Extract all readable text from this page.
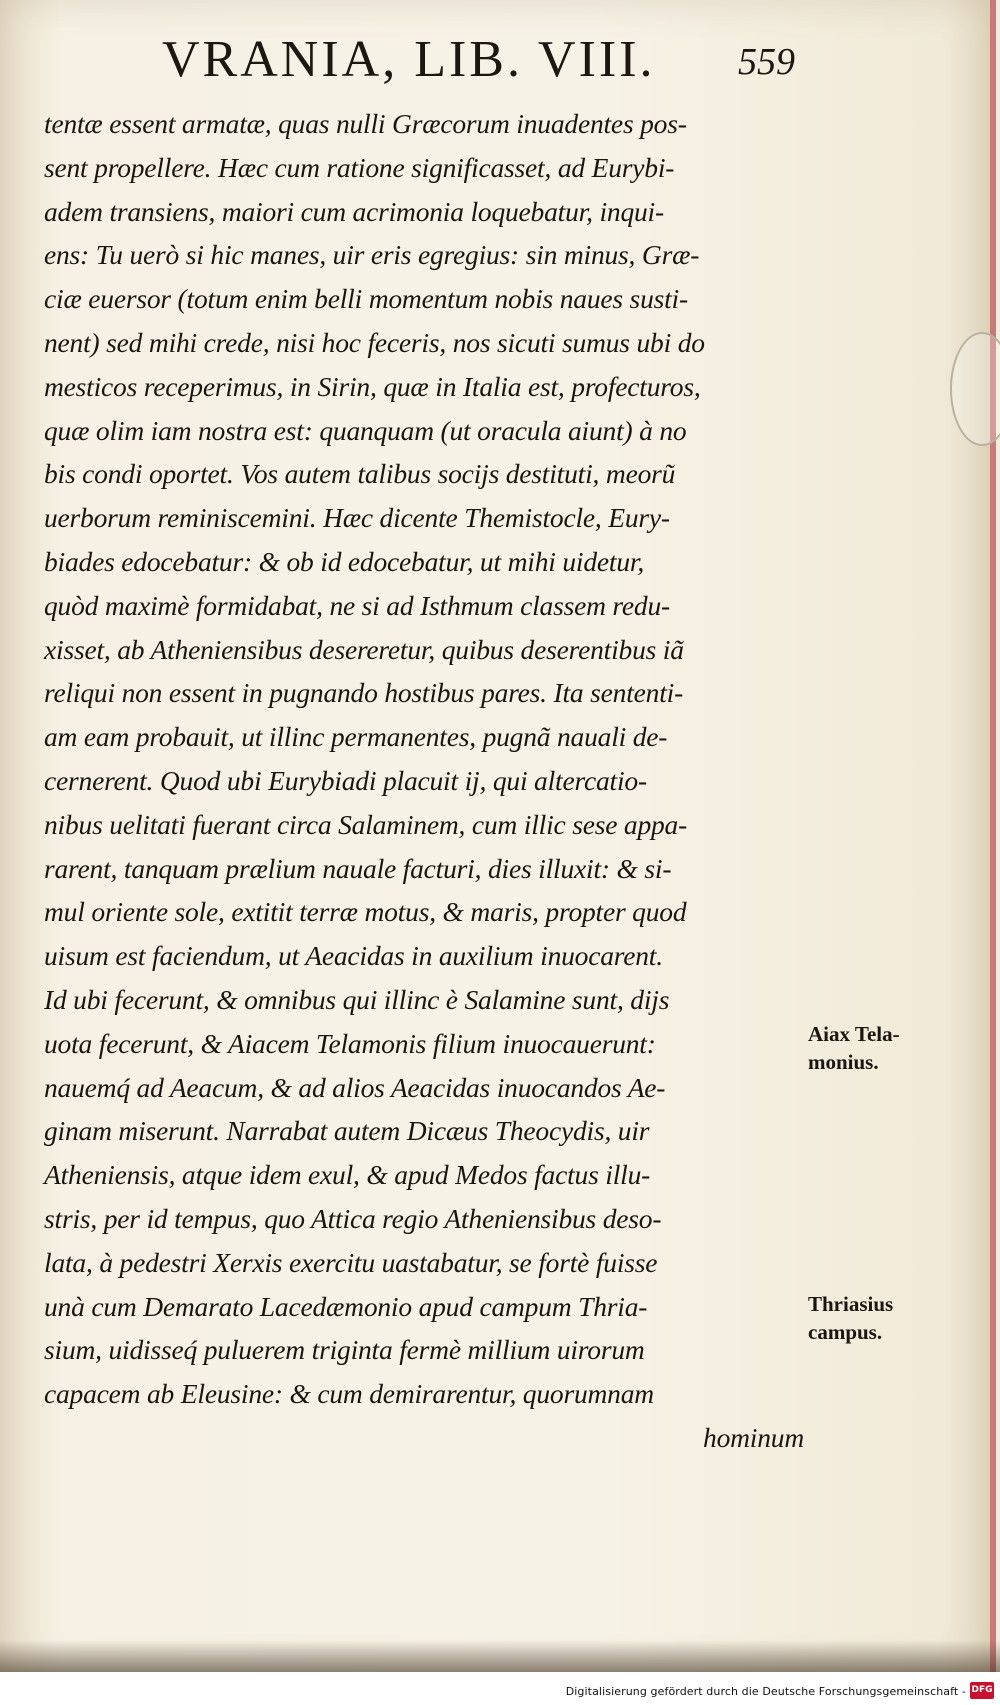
VRANIA, LIB. VIII. 559
tentæ essent armatæ, quas nulli Græcorum inuadentes pos-
sent propellere. Hæc cum ratione significasset, ad Eurybi-
adem transiens, maiori cum acrimonia loquebatur, inqui-
ens: Tu uerò si hic manes, uir eris egregius: sin minus, Græ-
ciæ euersor (totum enim belli momentum nobis naues susti-
nent) sed mihi crede, nisi hoc feceris, nos sicuti sumus ubi do
mesticos receperimus, in Sirin, quæ in Italia est, profecturos,
quæ olim iam nostra est: quanquam (ut oracula aiunt) à no
bis condi oportet. Vos autem talibus socijs destituti, meorũ
uerborum reminiscemini. Hæc dicente Themistocle, Eury-
biades edocebatur: & ob id edocebatur, ut mihi uidetur,
quòd maximè formidabat, ne si ad Isthmum classem redu-
xisset, ab Atheniensibus desereretur, quibus deserentibus iã
reliqui non essent in pugnando hostibus pares. Ita sententi-
am eam probauit, ut illinc permanentes, pugnã nauali de-
cernerent. Quod ubi Eurybiadi placuit ij, qui altercatio-
nibus uelitati fuerant circa Salaminem, cum illic sese appa-
rarent, tanquam prælium nauale facturi, dies illuxit: & si-
mul oriente sole, extitit terræ motus, & maris, propter quod
uisum est faciendum, ut Aeacidas in auxilium inuocarent.
Id ubi fecerunt, & omnibus qui illinc è Salamine sunt, dijs
uota fecerunt, & Aiacem Telamonis filium inuocauerunt:
nauemq́ ad Aeacum, & ad alios Aeacidas inuocandos Ae-
ginam miserunt. Narrabat autem Dicæus Theocydis, uir
Atheniensis, atque idem exul, & apud Medos factus illu-
stris, per id tempus, quo Attica regio Atheniensibus deso-
lata, à pedestri Xerxis exercitu uastabatur, se fortè fuisse
unà cum Demarato Lacedæmonio apud campum Thria-
sium, uidisseq́ puluerem triginta fermè millium uirorum
capacem ab Eleusine: & cum demirarentur, quorumnam
hominum
Aiax Tela-
monius.
Thriasius
campus.
Digitalisierung gefördert durch die Deutsche Forschungsgemeinschaft - DFG
